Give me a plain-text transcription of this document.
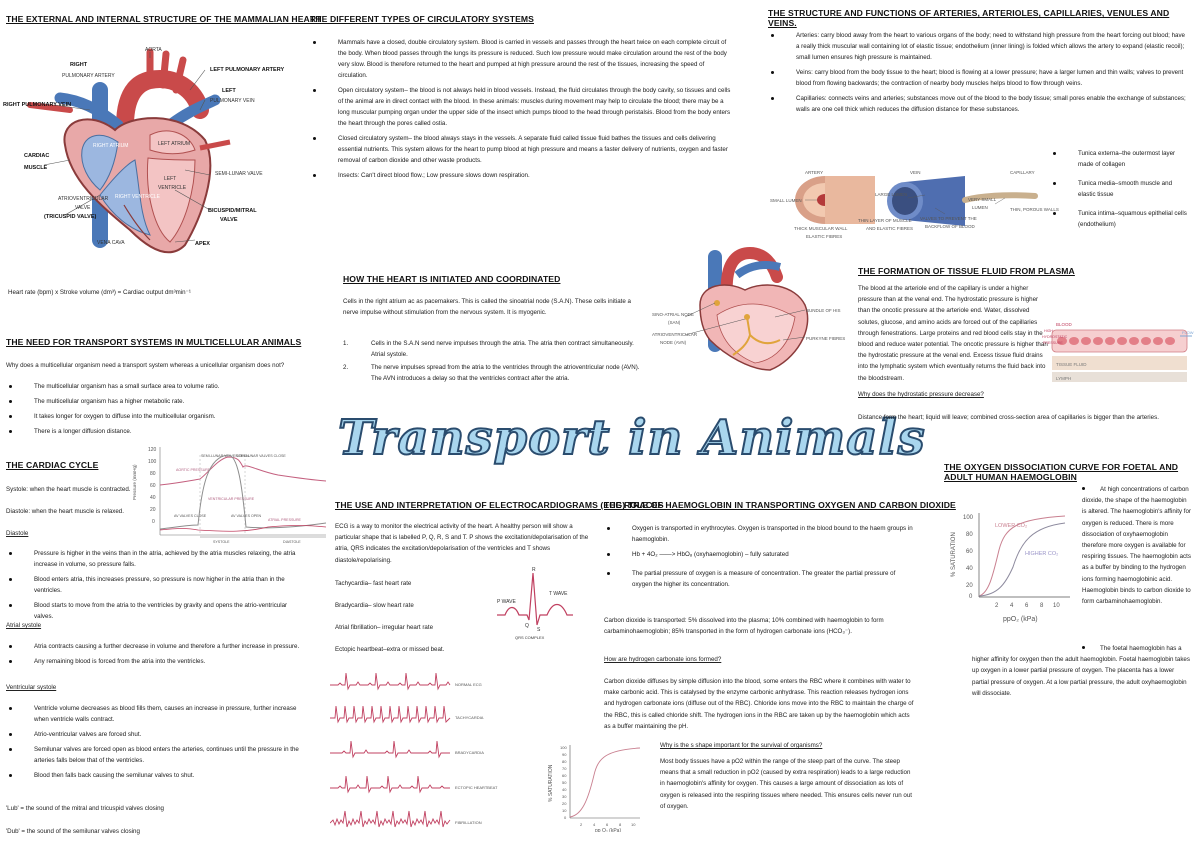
THE EXTERNAL AND INTERNAL STRUCTURE OF THE MAMMALIAN HEART
AORTA
RIGHT
PULMONARY ARTERY
LEFT PULMONARY ARTERY
LEFT
PULMONARY VEIN
RIGHT PULMONARY VEIN
RIGHT ATRIUM	LEFT ATRIUM
CARDIAC
MUSCLE
LEFT
VENTRICLE
SEMI-LUNAR VALVE
RIGHT VENTRICLE
ATRIOVENTRICULAR
VALVE
(TRICUSPID VALVE)
BICUSPID/MITRAL
VALVE
VENA CAVA	APEX
Heart rate (bpm) x Stroke volume (dm³) = Cardiac output dm³min⁻¹
THE NEED FOR TRANSPORT SYSTEMS IN MULTICELLULAR ANIMALS
Why does a multicellular organism need a transport system whereas a unicellular organism does not?
The multicellular organism has a small surface area to volume ratio.
The multicellular organism has a higher metabolic rate.
It takes longer for oxygen to diffuse into the multicellular organism.
There is a longer diffusion distance.
THE CARDIAC CYCLE
Systole: when the heart muscle is contracted.
Diastole: when the heart muscle is relaxed.
Diastole
Pressure is higher in the veins than in the atria, achieved by the atria muscles relaxing, the atria increase in volume, so pressure falls.
Blood enters atria, this increases pressure, so pressure is now higher in the atria than in the ventricles.
Blood starts to move from the atria to the ventricles by gravity and opens the atrio-ventricular valves.
Atrial systole
Atria contracts causing a further decrease in volume and therefore a further increase in pressure.
Any remaining blood is forced from the atria into the ventricles.
Ventricular systole
Ventricle volume decreases as blood fills them, causes an increase in pressure, further increase when ventricle walls contract.
Atrio-ventricular valves are forced shut.
Semilunar valves are forced open as blood enters the arteries, continues until the pressure in the arteries falls below that of the ventricles.
Blood then falls back causing the semilunar valves to shut.
'Lub' = the sound of the mitral and tricuspid valves closing
'Dub' = the sound of the semilunar valves closing
120
100
80
60
40
20
0
Pressure (mmHg)
SEMI-LUNAR VALVES OPEN
SEMI-LUNAR VALVES CLOSE
AORTIC PRESSURE
VENTRICULAR PRESSURE
AV VALVES CLOSE	AV VALVES OPEN
ATRIAL PRESSURE
SYSTOLE	DIASTOLE
THE DIFFERENT TYPES OF CIRCULATORY SYSTEMS
Mammals have a closed, double circulatory system. Blood is carried in vessels and passes through the heart twice on each complete circuit of the body. When blood passes through the lungs its pressure is reduced. Such low pressure would make circulation around the rest of the body very slow. Blood is therefore returned to the heart and pumped at high pressure around the rest of the tissues, increasing the speed of circulation.
Open circulatory system– the blood is not always held in blood vessels. Instead, the fluid circulates through the body cavity, so tissues and cells of the animal are in direct contact with the blood. In these animals: muscles during movement may help to circulate the blood; there may be a long muscular pumping organ under the upper side of the insect which pumps blood to the head through peristalsis. Blood from the body enters the heart through the pores called ostia.
Closed circulatory system– the blood always stays in the vessels. A separate fluid called tissue fluid bathes the tissues and cells delivering essential nutrients. This system allows for the heart to pump blood at high pressure and means a faster delivery of nutrients, oxygen and faster removal of carbon dioxide and other waste products.
Insects: Can't direct blood flow.; Low pressure slows down respiration.
HOW THE HEART IS INITIATED AND COORDINATED
Cells in the right atrium ac as pacemakers. This is called the sinoatrial node (S.A.N). These cells initiate a nerve impulse without stimulation from the nervous system. It is myogenic.
1.	Cells in the S.A.N send nerve impulses through the atria. The atria then contract simultaneously. Atrial systole.
2.	The nerve impulses spread from the atria to the ventricles through the atrioventricular node (AVN). The AVN introduces a delay so that the ventricles contract after the atria.
SINO-ATRIAL NODE
(SAN)
ATRIOVENTRICULAR
NODE (AVN)
BUNDLE OF HIS
PURKYNE FIBRES
Transport in Animals
THE USE AND INTERPRETATION OF ELECTROCARDIOGRAMS (ECG) TRACES
ECG is a way to monitor the electrical activity of the heart. A healthy person will show a particular shape that is labelled P, Q, R, S and T. P shows the excitation/depolarisation of the atria, QRS indicates the excitation/depolarisation of the ventricles and T shows diastole/repolarising.
Tachycardia– fast heart rate
Bradycardia– slow heart rate
Atrial fibrillation– irregular heart rate
Ectopic heartbeat–extra or missed beat.
R
P WAVE
T WAVE
Q
S
QRS COMPLEX
NORMAL ECG
TACHYCARDIA
BRADYCARDIA
ECTOPIC HEARTBEAT
FIBRILLATION
THE ROLE OF HAEMOGLOBIN IN TRANSPORTING OXYGEN AND CARBON DIOXIDE
Oxygen is transported in erythrocytes. Oxygen is transported in the blood bound to the haem groups in haemoglobin.
Hb + 4O₂ ——> HbO₈ (oxyhaemoglobin) – fully saturated
The partial pressure of oxygen is a measure of concentration. The greater the partial pressure of oxygen the higher its concentration.
Carbon dioxide is transported: 5% dissolved into the plasma; 10% combined with haemoglobin to form carbaminohaemoglobin; 85% transported in the form of hydrogen carbonate ions (HCO₃⁻).
How are hydrogen carbonate ions formed?
Carbon dioxide diffuses by simple diffusion into the blood, some enters the RBC where it combines with water to make carbonic acid. This is catalysed by the enzyme carbonic anhydrase. This reaction releases hydrogen ions and hydrogen carbonate ions (diffuse out of the RBC). Chloride ions move into the RBC to maintain the charge of the RBC, this is called chloride shift. The hydrogen ions in the RBC are taken up by the haemoglobin which acts as a buffer maintaining the pH.
Why is the s shape important for the survival of organisms?
Most body tissues have a pO2 within the range of the steep part of the curve. The steep means that a small reduction in pO2 (caused by extra respiration) leads to a large reduction in haemoglobin's affinity for oxygen. This causes a large amount of dissociation as lots of oxygen is released into the respiring tissues where needed. This ensures cells never run out of oxygen.
100
90
80
70
60
50
40
30
20
10
0
2	4	6	8 10
pp O₂ (kPa)
% SATURATION
THE STRUCTURE AND FUNCTIONS OF ARTERIES, ARTERIOLES, CAPILLARIES, VENULES AND VEINS.
Arteries: carry blood away from the heart to various organs of the body; need to withstand high pressure from the heart forcing out blood; have a really thick muscular wall containing lot of elastic tissue; endothelium (inner lining) is folded which allows the artery to expand (elastic recoil); small lumen ensures high pressure is maintained.
Veins: carry blood from the body tissue to the heart; blood is flowing at a lower pressure; have a larger lumen and thin walls; valves to prevent blood from flowing backwards; the contraction of nearby body muscles helps blood to flow through veins.
Capillaries: connects veins and arteries; substances move out of the blood to the body tissue; small pores enable the exchange of substances; walls are one cell thick which reduces the diffusion distance for these substances.
Tunica externa–the outermost layer made of collagen
Tunica media–smooth muscle and elastic tissue
Tunica intima–squamous epithelial cells (endothelium)
ARTERY	VEIN	CAPILLARY
SMALL LUMEN
LARGE LUMEN
VERY SMALL
LUMEN	THIN, POROUS WALLS
THICK MUSCULAR WALL
ELASTIC FIBRES
THIN LAYER OF MUSCLE
AND ELASTIC FIBRES
VALVES TO PREVENT THE
BACKFLOW OF BLOOD
THE FORMATION OF TISSUE FLUID FROM PLASMA
The blood at the arteriole end of the capillary is under a higher pressure than at the venal end. The hydrostatic pressure is higher than the oncotic pressure at the arteriole end. Water, dissolved solutes, glucose, and amino acids are forced out of the capillaries through fenestrations. Large proteins and red blood cells stay in the blood and reduce water potential. The oncotic pressure is higher than the hydrostatic pressure at the venal end. Excess tissue fluid drains into the lymphatic system which eventually returns the fluid back into the bloodstream.
Why does the hydrostatic pressure decrease?
Distance form the heart; liquid will leave; combined cross-section area of capillaries is bigger than the arteries.
BLOOD
HIGH
HYDROSTATIC
PRESSURE
FLOW
TISSUE FLUID
LYMPH
THE OXYGEN DISSOCIATION CURVE FOR FOETAL AND ADULT HUMAN HAEMOGLOBIN
At high concentrations of carbon dioxide, the shape of the haemoglobin is altered. The haemoglobin's affinity for oxygen is reduced. There is more dissociation of oxyhaemoglobin therefore more oxygen is available for respiring tissues. The haemoglobin acts as a buffer by binding to the hydrogen ions forming haemoglobinic acid. Haemoglobin binds to carbon dioxide to form carbaminohaemoglobin.
The foetal haemoglobin has a higher affinity for oxygen then the adult haemoglobin. Foetal haemoglobin takes up oxygen in a lower partial pressure of oxygen. The placenta has a lower partial pressure of oxygen. At a low partial pressure, the adult oxyhaemoglobin will dissociate.
100
80
60
40
20
0
2 4 6 8 10
ppO₂ (kPa)
% SATURATION
LOWER CO₂
HIGHER CO₂
